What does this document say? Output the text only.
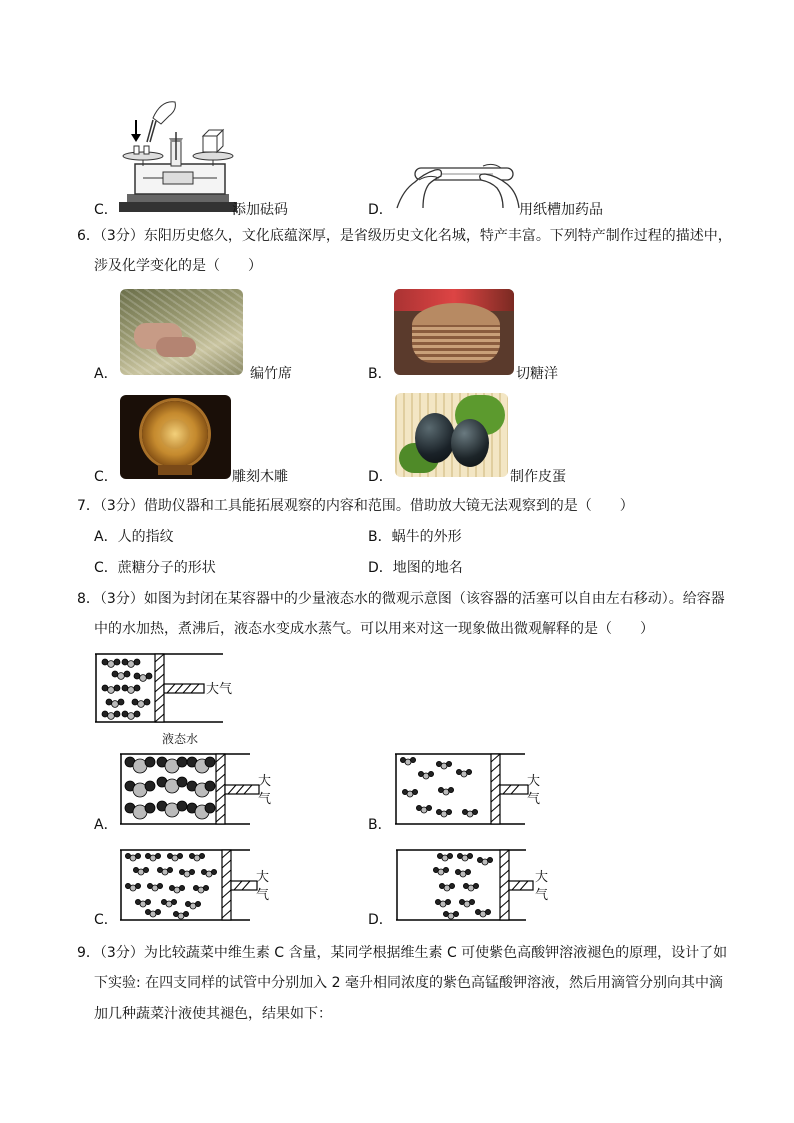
C．	添加砝码	D．	用纸槽加药品
6．（3分）东阳历史悠久，文化底蕴深厚，是省级历史文化名城，特产丰富。下列特产制作过程的描述中，
涉及化学变化的是（　　）
A．	编竹席	B．	切糖洋
C．	雕刻木雕	D．	制作皮蛋
7．（3分）借助仪器和工具能拓展观察的内容和范围。借助放大镜无法观察到的是（　　）
A．人的指纹	B．蜗牛的外形
C．蔗糖分子的形状	D．地图的地名
8．（3分）如图为封闭在某容器中的少量液态水的微观示意图（该容器的活塞可以自由左右移动）。给容器
中的水加热，煮沸后，液态水变成水蒸气。可以用来对这一现象做出微观解释的是（　　）
大气
液态水
大
气
A．
大
气
B．
大
气
C．
大
气
D．
9．（3分）为比较蔬菜中维生素 C 含量，某同学根据维生素 C 可使紫色高酸钾溶液褪色的原理，设计了如
下实验: 在四支同样的试管中分别加入 2 毫升相同浓度的紫色高锰酸钾溶液，然后用滴管分别向其中滴
加几种蔬菜汁液使其褪色，结果如下：
